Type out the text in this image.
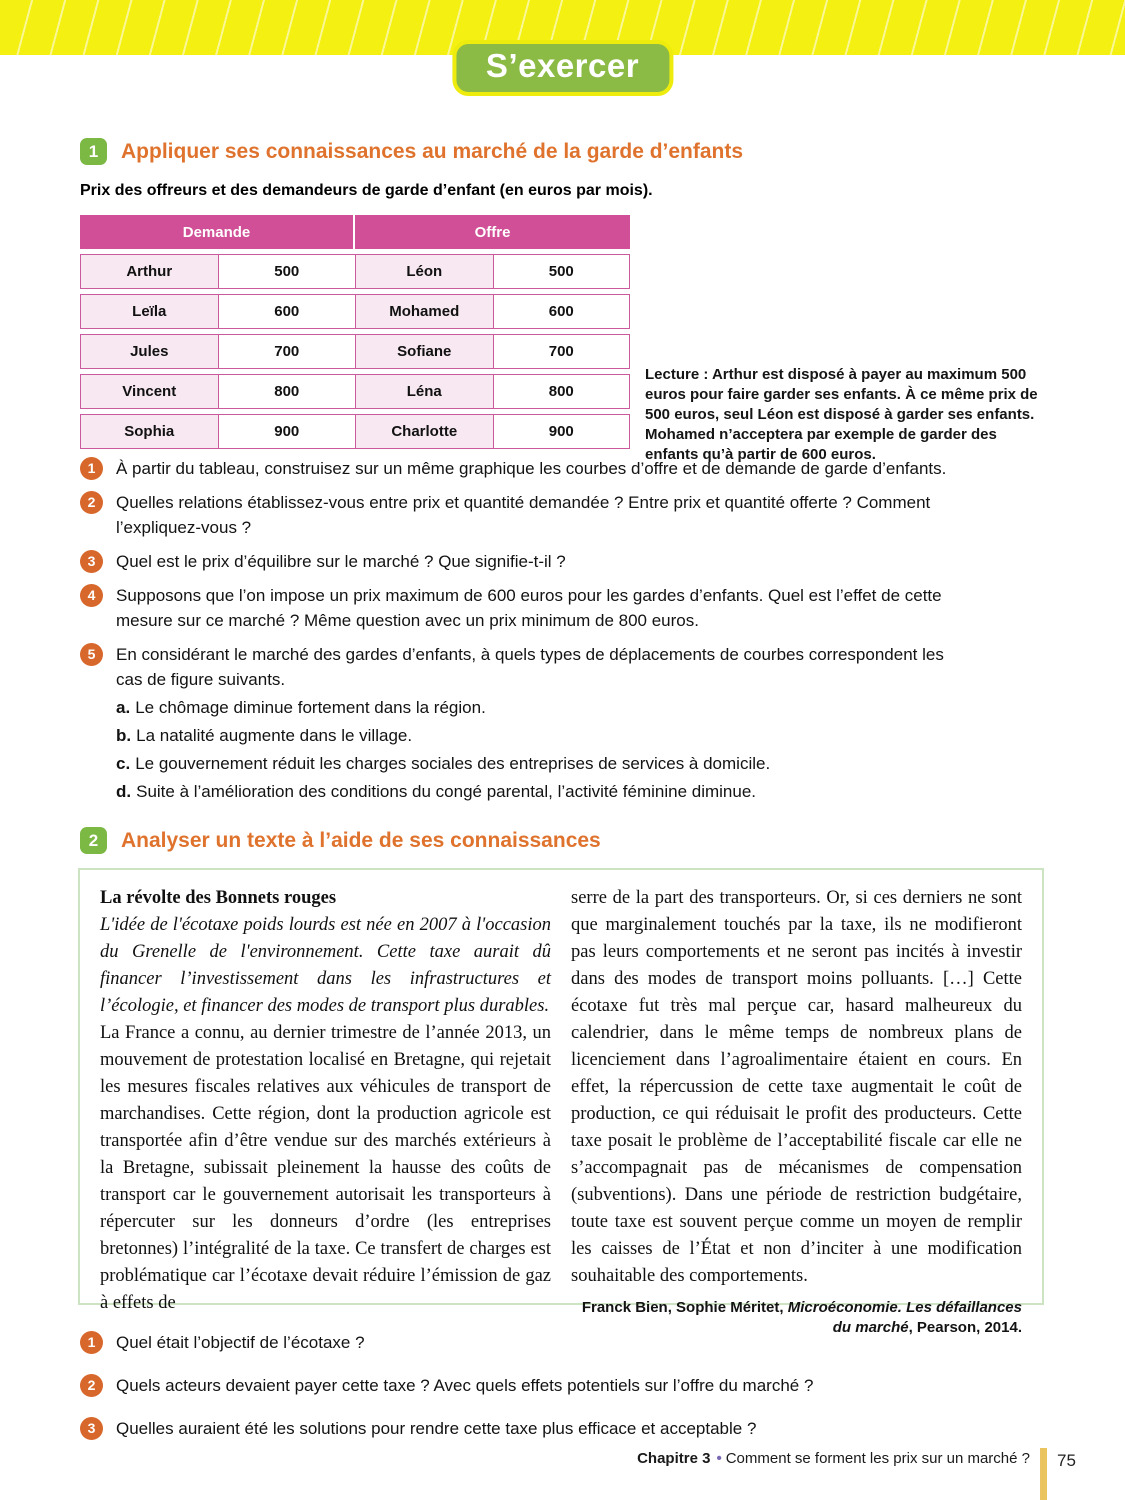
S’exercer
1	Appliquer ses connaissances au marché de la garde d’enfants
Prix des offreurs et des demandeurs de garde d’enfant (en euros par mois).
Demande		Offre	
Arthur	500	Léon	500
Leïla	600	Mohamed	600
Jules	700	Sofiane	700
Vincent	800	Léna	800
Sophia	900	Charlotte	900
Lecture : Arthur est disposé à payer au maximum 500 euros pour faire garder ses enfants. À ce même prix de 500 euros, seul Léon est disposé à garder ses enfants. Mohamed n’acceptera par exemple de garder des enfants qu’à partir de 600 euros.
1	À partir du tableau, construisez sur un même graphique les courbes d’offre et de demande de garde d’enfants.
2	Quelles relations établissez-vous entre prix et quantité demandée ? Entre prix et quantité offerte ? Comment l’expliquez-vous ?
3	Quel est le prix d’équilibre sur le marché ? Que signifie-t-il ?
4	Supposons que l’on impose un prix maximum de 600 euros pour les gardes d’enfants. Quel est l’effet de cette mesure sur ce marché ? Même question avec un prix minimum de 800 euros.
5	En considérant le marché des gardes d’enfants, à quels types de déplacements de courbes correspondent les cas de figure suivants.
a. Le chômage diminue fortement dans la région.
b. La natalité augmente dans le village.
c. Le gouvernement réduit les charges sociales des entreprises de services à domicile.
d. Suite à l’amélioration des conditions du congé parental, l’activité féminine diminue.
2	Analyser un texte à l’aide de ses connaissances
La révolte des Bonnets rouges
L'idée de l'écotaxe poids lourds est née en 2007 à l'occasion du Grenelle de l'environnement. Cette taxe aurait dû financer l’investissement dans les infrastructures et l’écologie, et financer des modes de transport plus durables.
La France a connu, au dernier trimestre de l’année 2013, un mouvement de protestation localisé en Bretagne, qui rejetait les mesures fiscales relatives aux véhicules de transport de marchandises. Cette région, dont la production agricole est transportée afin d’être vendue sur des marchés extérieurs à la Bretagne, subissait pleinement la hausse des coûts de transport car le gouvernement autorisait les transporteurs à répercuter sur les donneurs d’ordre (les entreprises bretonnes) l’intégralité de la taxe. Ce transfert de charges est problématique car l’écotaxe devait réduire l’émission de gaz à effets de
serre de la part des transporteurs. Or, si ces derniers ne sont que marginalement touchés par la taxe, ils ne modifieront pas leurs comportements et ne seront pas incités à investir dans des modes de transport moins polluants. […] Cette écotaxe fut très mal perçue car, hasard malheureux du calendrier, dans le même temps de nombreux plans de licenciement dans l’agroalimentaire étaient en cours. En effet, la répercussion de cette taxe augmentait le coût de production, ce qui réduisait le profit des producteurs. Cette taxe posait le problème de l’acceptabilité fiscale car elle ne s’accompagnait pas de mécanismes de compensation (subventions). Dans une période de restriction budgétaire, toute taxe est souvent perçue comme un moyen de remplir les caisses de l’État et non d’inciter à une modification souhaitable des comportements.
Franck Bien, Sophie Méritet, Microéconomie. Les défaillances du marché, Pearson, 2014.
1	Quel était l’objectif de l’écotaxe ?
2	Quels acteurs devaient payer cette taxe ? Avec quels effets potentiels sur l’offre du marché ?
3	Quelles auraient été les solutions pour rendre cette taxe plus efficace et acceptable ?
Chapitre 3 • Comment se forment les prix sur un marché ? 75
